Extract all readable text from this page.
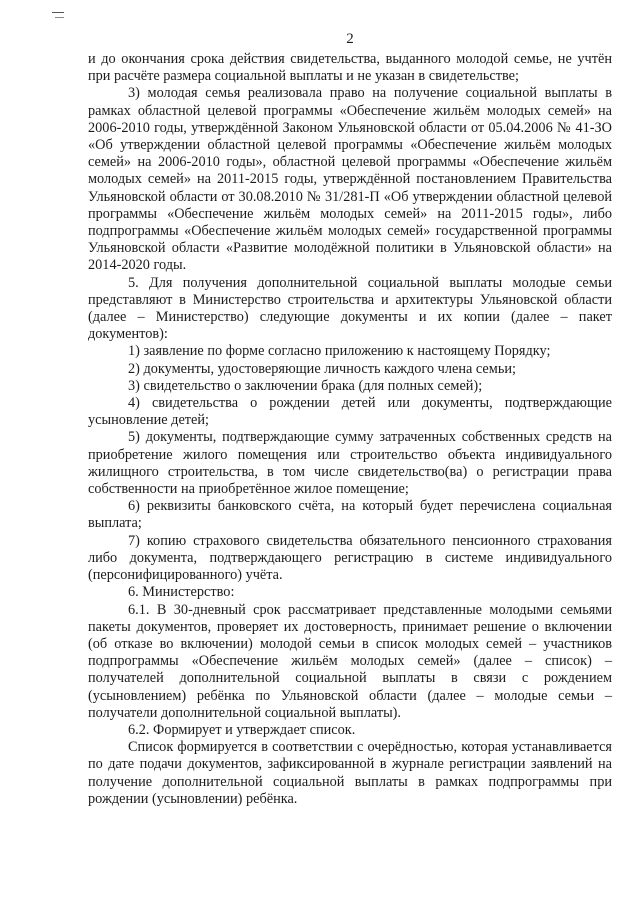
2

и до окончания срока действия свидетельства, выданного молодой семье, не учтён при расчёте размера социальной выплаты и не указан в свидетельстве;

3) молодая семья реализовала право на получение социальной выплаты в рамках областной целевой программы «Обеспечение жильём молодых семей» на 2006-2010 годы, утверждённой Законом Ульяновской области от 05.04.2006 № 41-ЗО «Об утверждении областной целевой программы «Обеспечение жильём молодых семей» на 2006-2010 годы», областной целевой программы «Обеспечение жильём молодых семей» на 2011-2015 годы, утверждённой постановлением Правительства Ульяновской области от 30.08.2010 № 31/281-П «Об утверждении областной целевой программы «Обеспечение жильём молодых семей» на 2011-2015 годы», либо подпрограммы «Обеспечение жильём молодых семей» государственной программы Ульяновской области «Развитие молодёжной политики в Ульяновской области» на 2014-2020 годы.

5. Для получения дополнительной социальной выплаты молодые семьи представляют в Министерство строительства и архитектуры Ульяновской области (далее – Министерство) следующие документы и их копии (далее – пакет документов):

1) заявление по форме согласно приложению к настоящему Порядку;

2) документы, удостоверяющие личность каждого члена семьи;

3) свидетельство о заключении брака (для полных семей);

4) свидетельства о рождении детей или документы, подтверждающие усыновление детей;

5) документы, подтверждающие сумму затраченных собственных средств на приобретение жилого помещения или строительство объекта индивидуального жилищного строительства, в том числе свидетельство(ва) о регистрации права собственности на приобретённое жилое помещение;

6) реквизиты банковского счёта, на который будет перечислена социальная выплата;

7) копию страхового свидетельства обязательного пенсионного страхования либо документа, подтверждающего регистрацию в системе индивидуального (персонифицированного) учёта.

6. Министерство:

6.1. В 30-дневный срок рассматривает представленные молодыми семьями пакеты документов, проверяет их достоверность, принимает решение о включении (об отказе во включении) молодой семьи в список молодых семей – участников подпрограммы «Обеспечение жильём молодых семей» (далее – список) – получателей дополнительной социальной выплаты в связи с рождением (усыновлением) ребёнка по Ульяновской области (далее – молодые семьи – получатели дополнительной социальной выплаты).

6.2. Формирует и утверждает список.

Список формируется в соответствии с очерёдностью, которая устанавливается по дате подачи документов, зафиксированной в журнале регистрации заявлений на получение дополнительной социальной выплаты в рамках подпрограммы при рождении (усыновлении) ребёнка.
